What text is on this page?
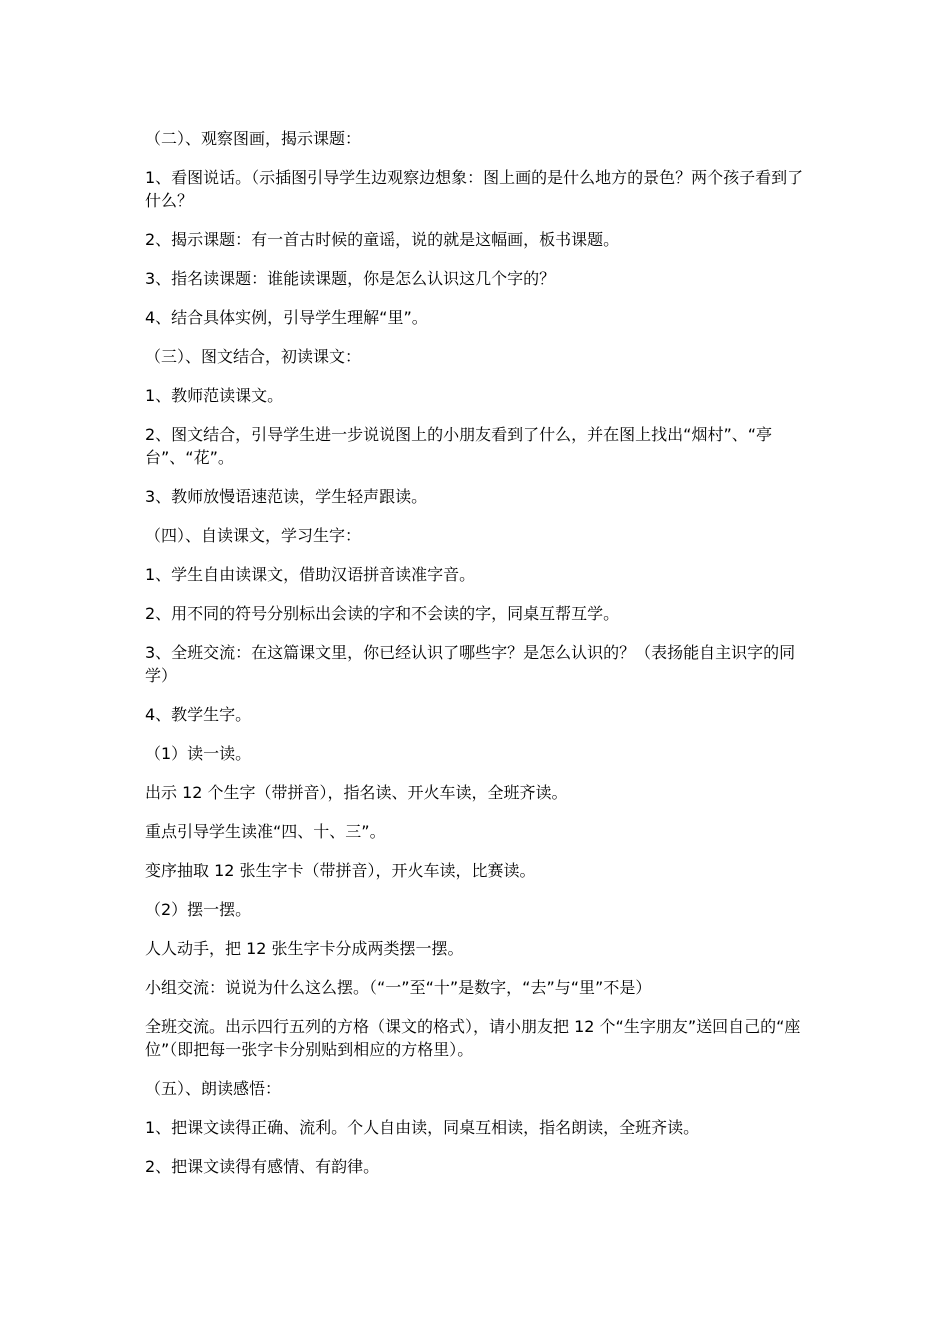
（二）、观察图画，揭示课题：

1、看图说话。（示插图引导学生边观察边想象：图上画的是什么地方的景色？两个孩子看到了什么？

2、揭示课题：有一首古时候的童谣，说的就是这幅画，板书课题。

3、指名读课题：谁能读课题，你是怎么认识这几个字的？

4、结合具体实例，引导学生理解“里”。

（三）、图文结合，初读课文：

1、教师范读课文。

2、图文结合，引导学生进一步说说图上的小朋友看到了什么，并在图上找出“烟村”、“亭台”、“花”。

3、教师放慢语速范读，学生轻声跟读。

（四）、自读课文，学习生字：

1、学生自由读课文，借助汉语拼音读准字音。

2、用不同的符号分别标出会读的字和不会读的字，同桌互帮互学。

3、全班交流：在这篇课文里，你已经认识了哪些字？是怎么认识的？（表扬能自主识字的同学）

4、教学生字。

（1）读一读。

出示 12 个生字（带拼音），指名读、开火车读，全班齐读。

重点引导学生读准“四、十、三”。

变序抽取 12 张生字卡（带拼音），开火车读，比赛读。

（2）摆一摆。

人人动手，把 12 张生字卡分成两类摆一摆。

小组交流：说说为什么这么摆。（“一”至“十”是数字，“去”与“里”不是）

全班交流。出示四行五列的方格（课文的格式），请小朋友把 12 个“生字朋友”送回自己的“座位”（即把每一张字卡分别贴到相应的方格里）。

（五）、朗读感悟：

1、把课文读得正确、流利。个人自由读，同桌互相读，指名朗读，全班齐读。

2、把课文读得有感情、有韵律。
